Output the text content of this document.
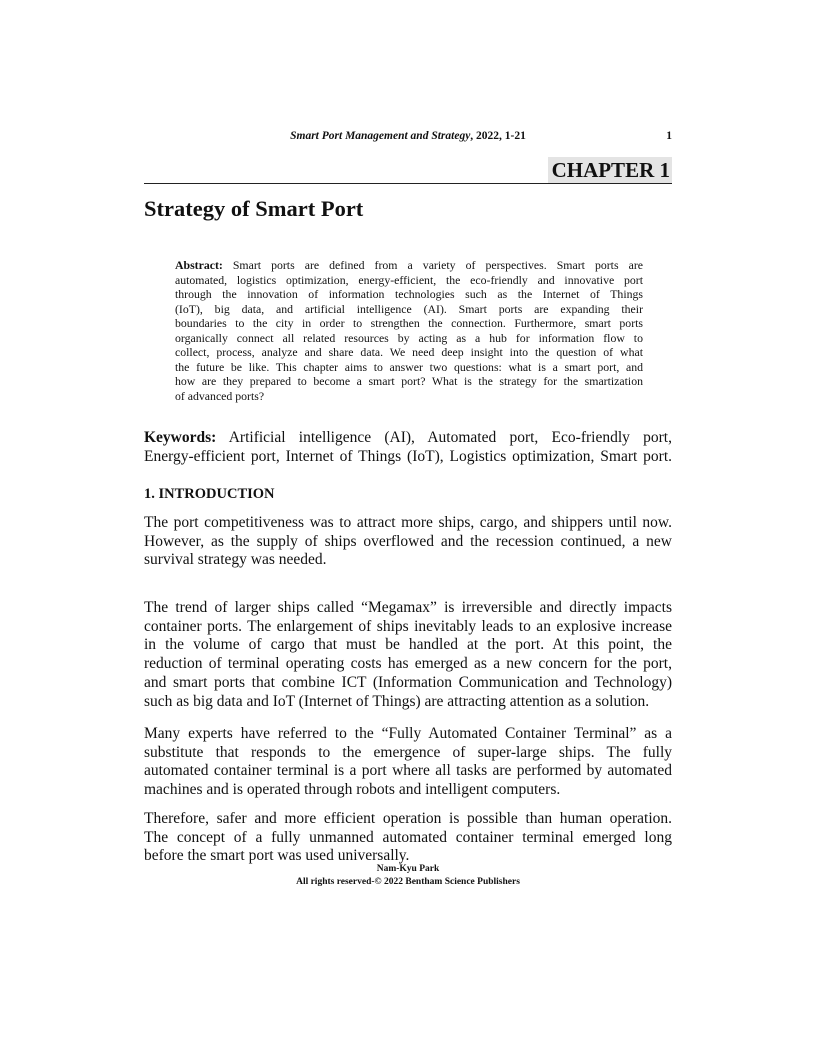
Smart Port Management and Strategy, 2022, 1-21	1
CHAPTER 1
Strategy of Smart Port
Abstract: Smart ports are defined from a variety of perspectives. Smart ports are
automated, logistics optimization, energy-efficient, the eco-friendly and innovative port
through the innovation of information technologies such as the Internet of Things
(IoT), big data, and artificial intelligence (AI). Smart ports are expanding their
boundaries to the city in order to strengthen the connection. Furthermore, smart ports
organically connect all related resources by acting as a hub for information flow to
collect, process, analyze and share data. We need deep insight into the question of what
the future be like. This chapter aims to answer two questions: what is a smart port, and
how are they prepared to become a smart port? What is the strategy for the smartization
of advanced ports?
Keywords: Artificial intelligence (AI), Automated port, Eco-friendly port,
Energy-efficient port, Internet of Things (IoT), Logistics optimization, Smart port.
1. INTRODUCTION
The port competitiveness was to attract more ships, cargo, and shippers until now.
However, as the supply of ships overflowed and the recession continued, a new
survival strategy was needed.
The trend of larger ships called “Megamax” is irreversible and directly impacts
container ports. The enlargement of ships inevitably leads to an explosive increase
in the volume of cargo that must be handled at the port. At this point, the
reduction of terminal operating costs has emerged as a new concern for the port,
and smart ports that combine ICT (Information Communication and Technology)
such as big data and IoT (Internet of Things) are attracting attention as a solution.
Many experts have referred to the “Fully Automated Container Terminal” as a
substitute that responds to the emergence of super-large ships. The fully
automated container terminal is a port where all tasks are performed by automated
machines and is operated through robots and intelligent computers.
Therefore, safer and more efficient operation is possible than human operation.
The concept of a fully unmanned automated container terminal emerged long
before the smart port was used universally.
Nam-Kyu Park
All rights reserved-© 2022 Bentham Science Publishers
